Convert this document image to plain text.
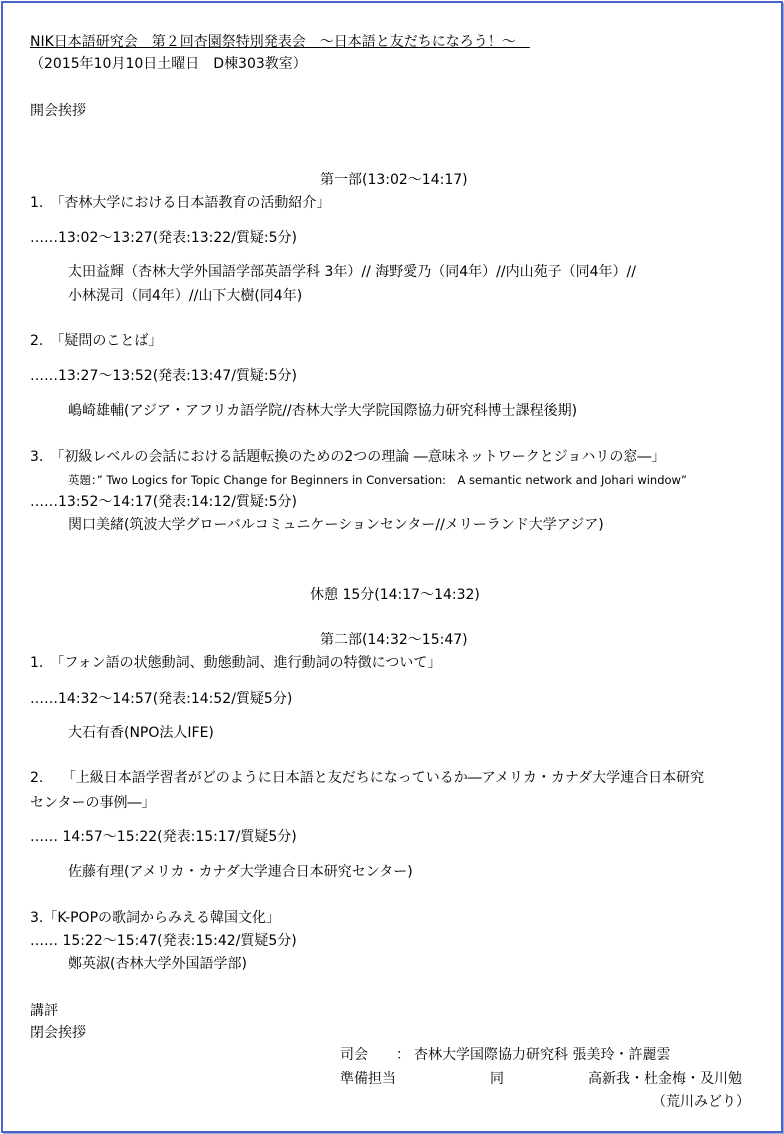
NIK日本語研究会　第２回杏園祭特別発表会　～日本語と友だちになろう！～　
（2015年10月10日土曜日　D棟303教室）
開会挨拶
第一部(13:02～14:17)
1.　「杏林大学における日本語教育の活動紹介」
……13:02～13:27(発表:13:22/質疑:5分)
太田益輝（杏林大学外国語学部英語学科 3年）// 海野愛乃（同4年）//内山苑子（同4年）//
小林滉司（同4年）//山下大樹(同4年)
2.　「疑問のことば」
……13:27～13:52(発表:13:47/質疑:5分)
嶋崎雄輔(アジア・アフリカ語学院//杏林大学大学院国際協力研究科博士課程後期)
3.　「初級レベルの会話における話題転換のための2つの理論 ―意味ネットワークとジョハリの窓―」
英題：” Two Logics for Topic Change for Beginners in Conversation:　A semantic network and Johari window”
……13:52～14:17(発表:14:12/質疑:5分)
関口美緒(筑波大学グローバルコミュニケーションセンター//メリーランド大学アジア)
休憩 15分(14:17～14:32)
第二部(14:32～15:47)
1.　「フォン語の状態動詞、動態動詞、進行動詞の特徴について」
……14:32～14:57(発表:14:52/質疑5分)
大石有香(NPO法人IFE)
2.　 「上級日本語学習者がどのように日本語と友だちになっているか―アメリカ・カナダ大学連合日本研究
センターの事例―」
…… 14:57～15:22(発表:15:17/質疑5分)
佐藤有理(アメリカ・カナダ大学連合日本研究センター)
3.「K-POPの歌詞からみえる韓国文化」
…… 15:22～15:47(発表:15:42/質疑5分)
鄭英淑(杏林大学外国語学部)
講評
閉会挨拶
司会 ： 杏林大学国際協力研究科 張美玲・許麗雲
準備担当	同	高新我・杜金梅・及川勉
（荒川みどり）
